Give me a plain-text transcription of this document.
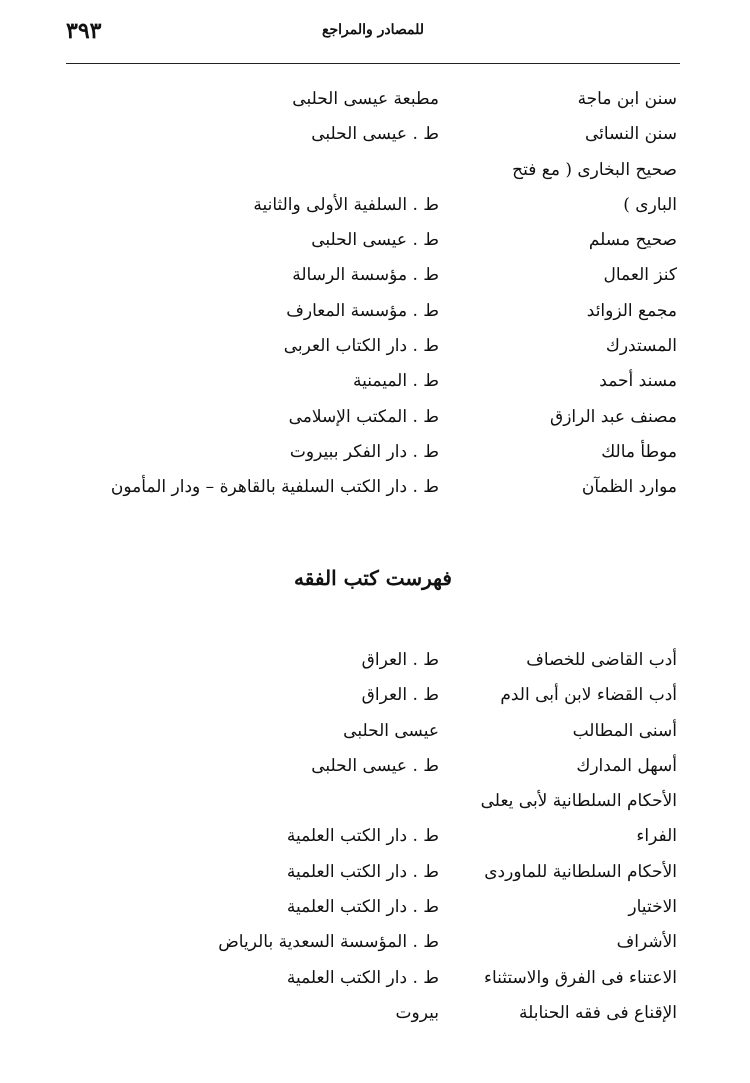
٣٩٣	للمصادر والمراجع
سنن ابن ماجة
مطبعة عيسى الحلبى
سنن النسائى
ط . عيسى الحلبى
صحيح البخارى ( مع فتح
البارى )
ط . السلفية الأولى والثانية
صحيح مسلم
ط . عيسى الحلبى
كنز العمال
ط . مؤسسة الرسالة
مجمع الزوائد
ط . مؤسسة المعارف
المستدرك
ط . دار الكتاب العربى
مسند أحمد
ط . الميمنية
مصنف عبد الرازق
ط . المكتب الإسلامى
موطأ مالك
ط . دار الفكر ببيروت
موارد الظمآن
ط . دار الكتب السلفية بالقاهرة – ودار المأمون
فهرست كتب الفقه
أدب القاضى للخصاف
ط . العراق
أدب القضاء لابن أبى الدم
ط . العراق
أسنى المطالب
عيسى الحلبى
أسهل المدارك
ط . عيسى الحلبى
الأحكام السلطانية لأبى يعلى
الفراء
ط . دار الكتب العلمية
الأحكام السلطانية للماوردى
ط . دار الكتب العلمية
الاختيار
ط . دار الكتب العلمية
الأشراف
ط . المؤسسة السعدية بالرياض
الاعتناء فى الفرق والاستثناء
ط . دار الكتب العلمية
الإقناع فى فقه الحنابلة
بيروت
